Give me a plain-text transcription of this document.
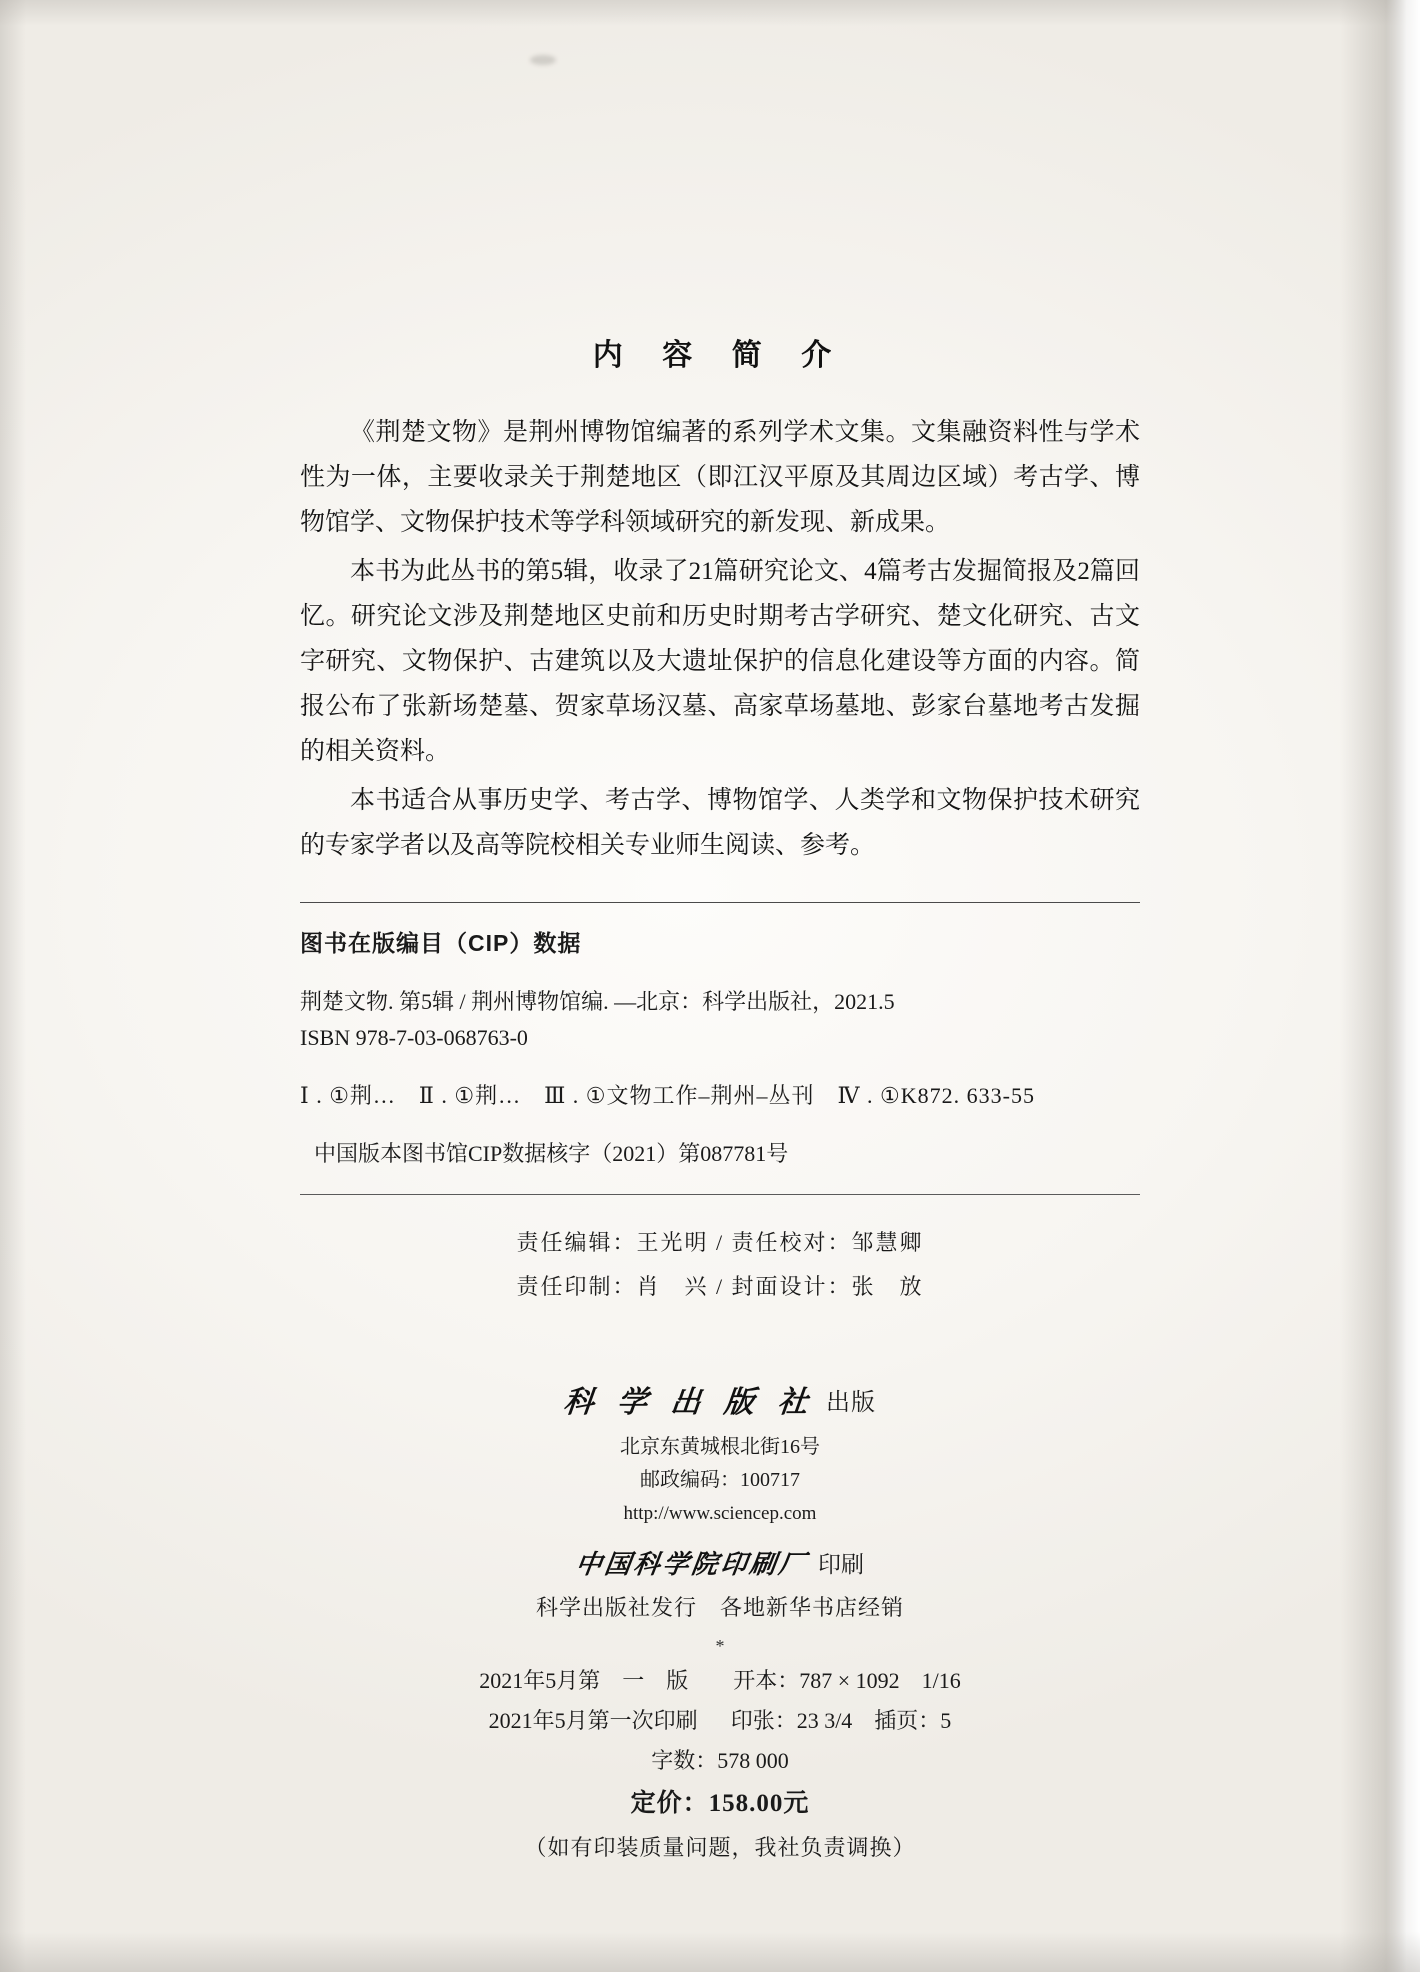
内 容 简 介

《荆楚文物》是荆州博物馆编著的系列学术文集。文集融资料性与学术性为一体，主要收录关于荆楚地区（即江汉平原及其周边区域）考古学、博物馆学、文物保护技术等学科领域研究的新发现、新成果。

本书为此丛书的第5辑，收录了21篇研究论文、4篇考古发掘简报及2篇回忆。研究论文涉及荆楚地区史前和历史时期考古学研究、楚文化研究、古文字研究、文物保护、古建筑以及大遗址保护的信息化建设等方面的内容。简报公布了张新场楚墓、贺家草场汉墓、高家草场墓地、彭家台墓地考古发掘的相关资料。

本书适合从事历史学、考古学、博物馆学、人类学和文物保护技术研究的专家学者以及高等院校相关专业师生阅读、参考。

图书在版编目（CIP）数据

荆楚文物. 第5辑 / 荆州博物馆编. —北京：科学出版社，2021.5

ISBN 978-7-03-068763-0

Ⅰ . ①荆…　Ⅱ . ①荆…　Ⅲ . ①文物工作–荆州–丛刊　Ⅳ . ①K872. 633-55

中国版本图书馆CIP数据核字（2021）第087781号

责任编辑：王光明 / 责任校对：邹慧卿
责任印制：肖　兴 / 封面设计：张　放
科 学 出 版 社 出版
北京东黄城根北街16号
邮政编码：100717
http://www.sciencep.com
中国科学院印刷厂 印刷
科学出版社发行　各地新华书店经销
*
2021年5月第　一　版 开本：787 × 1092　1/16
2021年5月第一次印刷 印张：23 3/4　插页：5
字数：578 000
定价：158.00元
（如有印装质量问题，我社负责调换）
